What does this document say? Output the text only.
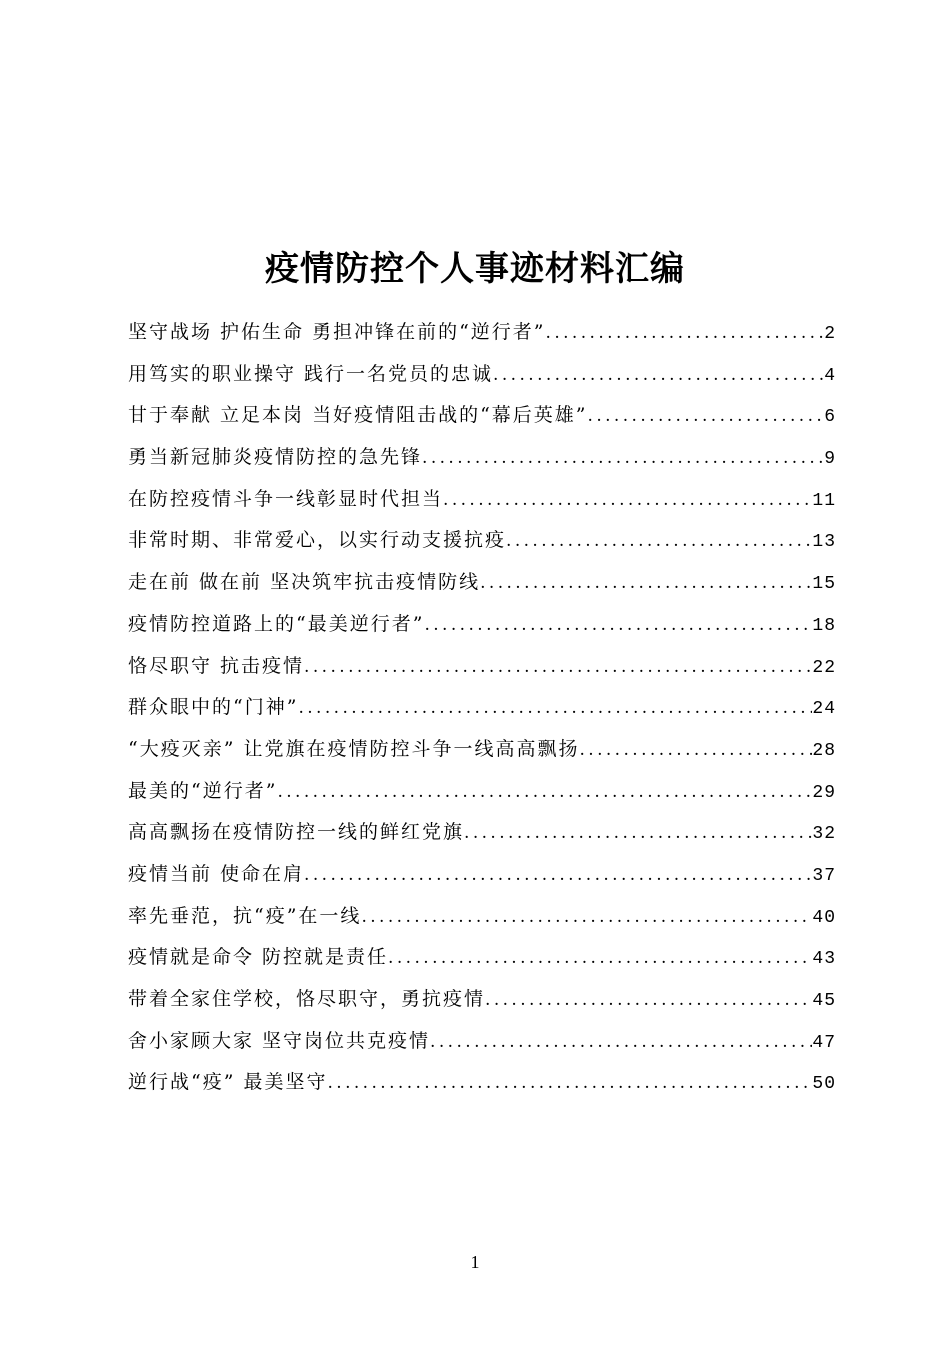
疫情防控个人事迹材料汇编
坚守战场 护佑生命 勇担冲锋在前的“逆行者” .....	2
用笃实的职业操守 践行一名党员的忠诚 .....	4
甘于奉献 立足本岗 当好疫情阻击战的“幕后英雄” .....	6
勇当新冠肺炎疫情防控的急先锋 .....	9
在防控疫情斗争一线彰显时代担当 .....	11
非常时期、非常爱心，以实行动支援抗疫 .....	13
走在前 做在前 坚决筑牢抗击疫情防线 .....	15
疫情防控道路上的“最美逆行者” .....	18
恪尽职守 抗击疫情 .....	22
群众眼中的“门神” .....	24
“大疫灭亲” 让党旗在疫情防控斗争一线高高飘扬 .....	28
最美的“逆行者” .....	29
高高飘扬在疫情防控一线的鲜红党旗 .....	32
疫情当前 使命在肩 .....	37
率先垂范，抗“疫”在一线 .....	40
疫情就是命令 防控就是责任 .....	43
带着全家住学校，恪尽职守，勇抗疫情 .....	45
舍小家顾大家 坚守岗位共克疫情 .....	47
逆行战“疫” 最美坚守 .....	50
1
